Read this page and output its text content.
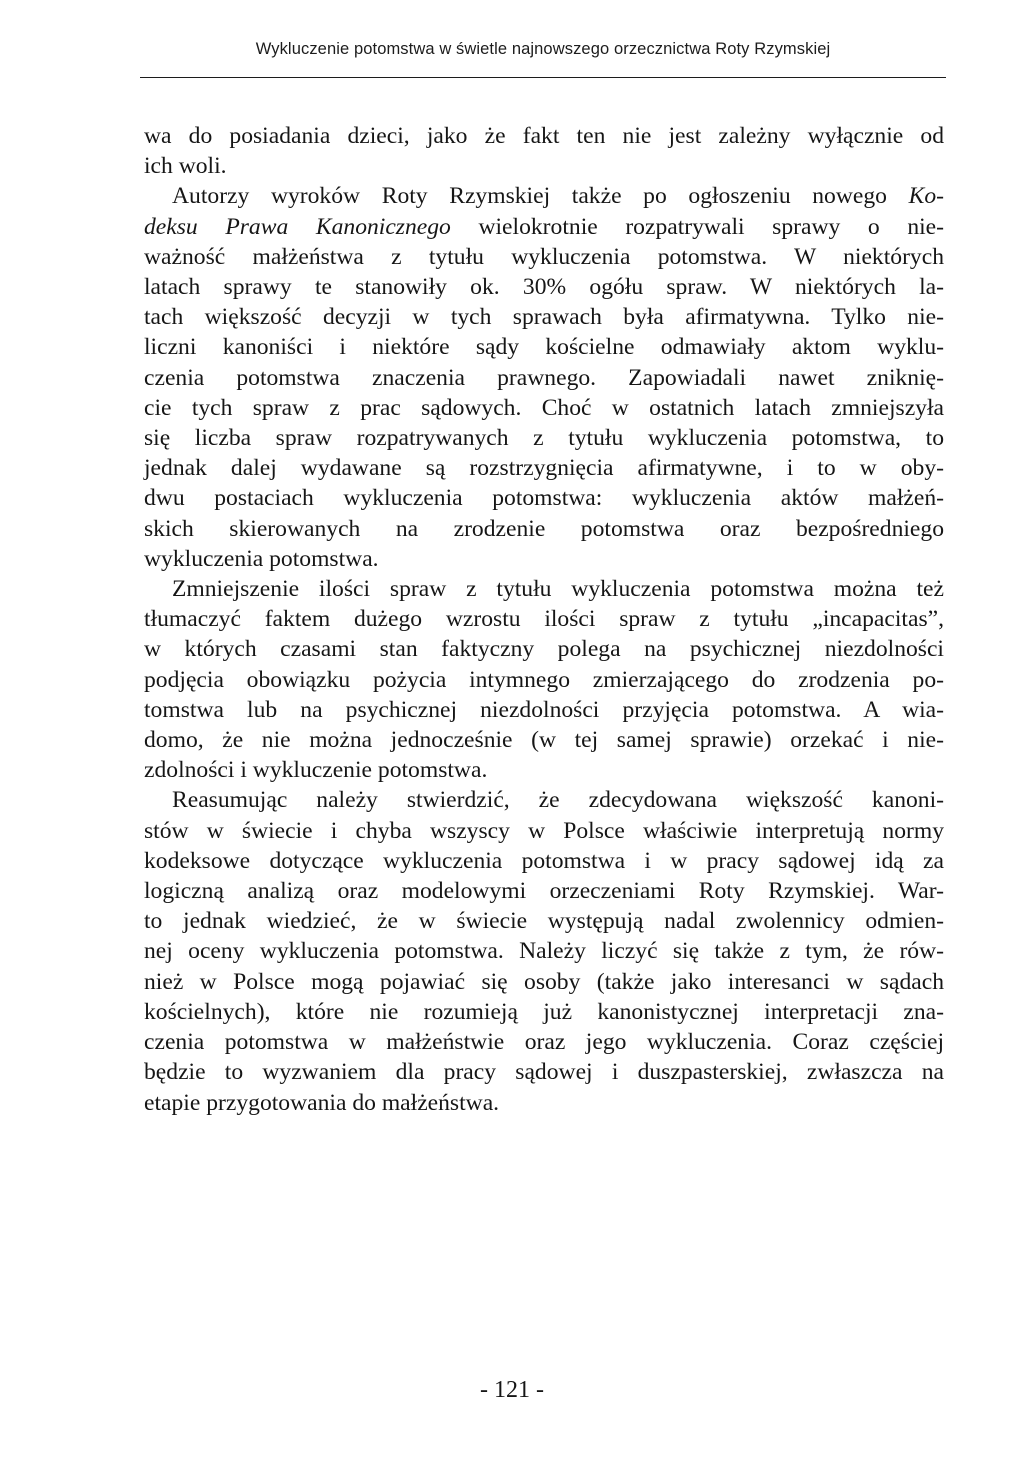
Wykluczenie potomstwa w świetle najnowszego orzecznictwa Roty Rzymskiej
wa do posiadania dzieci, jako że fakt ten nie jest zależny wyłącznie od
ich woli.
Autorzy wyroków Roty Rzymskiej także po ogłoszeniu nowego Ko-
deksu Prawa Kanonicznego wielokrotnie rozpatrywali sprawy o nie-
ważność małżeństwa z tytułu wykluczenia potomstwa. W niektórych
latach sprawy te stanowiły ok. 30% ogółu spraw. W niektórych la-
tach większość decyzji w tych sprawach była afirmatywna. Tylko nie-
liczni kanoniści i niektóre sądy kościelne odmawiały aktom wyklu-
czenia potomstwa znaczenia prawnego. Zapowiadali nawet zniknię-
cie tych spraw z prac sądowych. Choć w ostatnich latach zmniejszyła
się liczba spraw rozpatrywanych z tytułu wykluczenia potomstwa, to
jednak dalej wydawane są rozstrzygnięcia afirmatywne, i to w oby-
dwu postaciach wykluczenia potomstwa: wykluczenia aktów małżeń-
skich skierowanych na zrodzenie potomstwa oraz bezpośredniego
wykluczenia potomstwa.
Zmniejszenie ilości spraw z tytułu wykluczenia potomstwa można też
tłumaczyć faktem dużego wzrostu ilości spraw z tytułu „incapacitas”,
w których czasami stan faktyczny polega na psychicznej niezdolności
podjęcia obowiązku pożycia intymnego zmierzającego do zrodzenia po-
tomstwa lub na psychicznej niezdolności przyjęcia potomstwa. A wia-
domo, że nie można jednocześnie (w tej samej sprawie) orzekać i nie-
zdolności i wykluczenie potomstwa.
Reasumując należy stwierdzić, że zdecydowana większość kanoni-
stów w świecie i chyba wszyscy w Polsce właściwie interpretują normy
kodeksowe dotyczące wykluczenia potomstwa i w pracy sądowej idą za
logiczną analizą oraz modelowymi orzeczeniami Roty Rzymskiej. War-
to jednak wiedzieć, że w świecie występują nadal zwolennicy odmien-
nej oceny wykluczenia potomstwa. Należy liczyć się także z tym, że rów-
nież w Polsce mogą pojawiać się osoby (także jako interesanci w sądach
kościelnych), które nie rozumieją już kanonistycznej interpretacji zna-
czenia potomstwa w małżeństwie oraz jego wykluczenia. Coraz częściej
będzie to wyzwaniem dla pracy sądowej i duszpasterskiej, zwłaszcza na
etapie przygotowania do małżeństwa.
- 121 -
